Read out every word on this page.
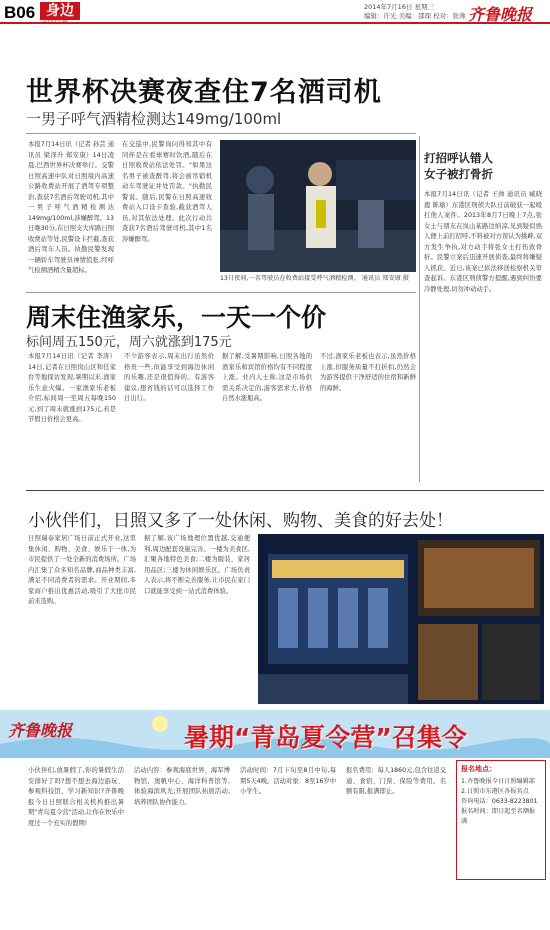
B06 身边
今日日照
2014年7月16日 星期三
编辑：许光 美编：邵琛 校对：张帅 齐鲁晚报
世界杯决赛夜查住7名酒司机
一男子呼气酒精检测达149mg/100ml
本报7月14日讯（记者 孙芸 通讯员 梁泽升 郑安康）14日凌晨,巴西世界杯决赛举行。交警日照高速中队对日照境内高速公路收费站开展了酒驾专项整治,查获7名酒后驾驶司机,其中一男子呼气酒精检测达149mg/100ml,涉嫌醉驾。13日晚30分,在日照支大库路日照收费站等处,民警设卡拦截,查获酒后驾车人员。执勤民警发现一辆轿车驾驶员神情慌张,经呼气检测酒精含量超标。
在交巡中,民警询问得知其中有同伴是在看球赛时饮酒,随后在日照收费站依法处罚。"如果这名男子被查醉驾,将会被吊销机动车驾驶证并处罚款。"执勤民警说。随后,民警在日照高速收费站入口设卡查验,截获酒驾人员,对其依法处理。此次行动共查获7名酒后驾驶司机,其中1名涉嫌醉驾。
13日夜间,一名驾驶员在收费站接受呼气酒精检测。 通讯员 郑安康 摄
打招呼认错人
女子被打骨折
本报7月14日讯（记者 王帅 通讯员 臧晓鹿 陈瑜）东港区刑侦大队日前破获一起殴打他人案件。2013年8月7日晚上7点,张女士与朋友在岚山某路边纳凉,见到疑似熟人便上前打招呼,不料被对方误认为挑衅,双方发生争执,对方动手将张女士打伤致骨折。民警立案后迅速开展侦查,最终将嫌疑人抓获。近日,该案已依法移送检察机关审查起诉。东港区刑侦警方提醒,遇到纠纷要冷静处理,切勿冲动动手。
周末住渔家乐，一天一个价
标间周五150元，周六就涨到175元
本报7月14日讯（记者 李涛）14日,记者在日照岚山区和任家台等地探访发现,暑期以来,渔家乐生意火爆。一家渔家乐老板介绍,标间周一至周五每晚150元,到了周末就涨到175元,若是节假日价格会更高。
不少游客表示,周末出行虽然价格贵一些,但能享受到海边休闲的乐趣,还是很值得的。有游客建议,想省钱的话可以选择工作日出行。
据了解,受暑期影响,日照各地的渔家乐和宾馆价格均有不同程度上涨。业内人士称,这是市场供需关系决定的,游客需求大,价格自然水涨船高。
不过,渔家乐老板也表示,虽然价格上涨,但服务质量不打折扣,仍然会为游客提供干净舒适的住宿和新鲜的海鲜。
小伙伴们，日照又多了一处休闲、购物、美食的好去处！
日照瑞泰家居广场日前正式开业,这里集休闲、购物、美食、娱乐于一体,为市民提供了一处全新的消费场所。广场内汇集了众多知名品牌,商品种类丰富,满足不同消费者的需求。开业期间,多家商户推出优惠活动,吸引了大批市民前来选购。
据了解,该广场地理位置优越,交通便利,周边配套设施完善。一楼为美食区,汇聚各地特色美食;二楼为服装、家居用品区;三楼为休闲娱乐区。广场负责人表示,将不断完善服务,让市民在家门口就能享受到一站式消费体验。
齐鲁晚报	暑期“青岛夏令营”召集令
小伙伴们,放暑假了,你的暑假生活安排好了吗?想不想去海边游玩、参观科技馆、学习新知识?齐鲁晚报今日日照联合相关机构推出暑期"青岛夏令营"活动,让你在快乐中度过一个充实的假期!
活动内容：参观海底世界、海军博物馆、奥帆中心、海洋科普馆等,体验海滨风光;开展团队拓展活动,培养团队协作能力。
活动时间：7月下旬至8月中旬,每期5天4晚。活动对象：8至16岁中小学生。
报名费用：每人1860元,包含往返交通、食宿、门票、保险等费用。名额有限,报满即止。
报名地点：
1.齐鲁晚报今日日照编辑部
2.日照市东港区各报名点
咨询电话：0633-8223801
报名时间：即日起至名额报满
